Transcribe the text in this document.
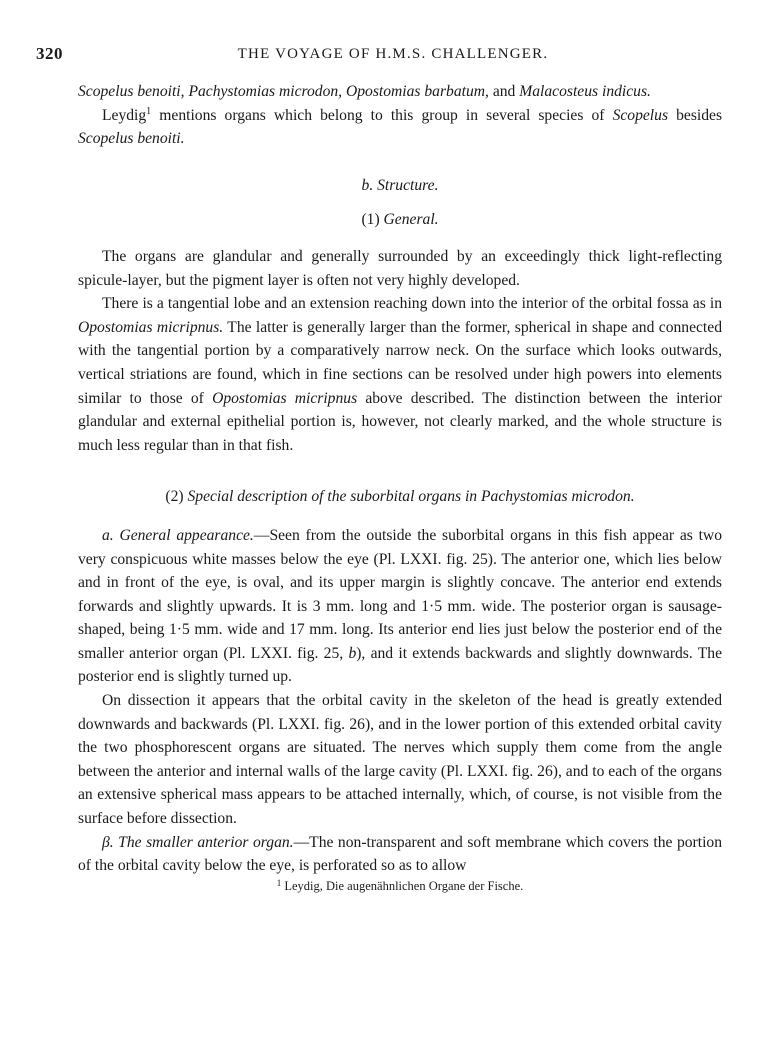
320	THE VOYAGE OF H.M.S. CHALLENGER.

Scopelus benoiti, Pachystomias microdon, Opostomias barbatum, and Malacosteus indicus.

Leydig$^1$ mentions organs which belong to this group in several species of Scopelus besides Scopelus benoiti.

b. Structure.

(1) General.

The organs are glandular and generally surrounded by an exceedingly thick light-reflecting spicule-layer, but the pigment layer is often not very highly developed.

There is a tangential lobe and an extension reaching down into the interior of the orbital fossa as in Opostomias micripnus. The latter is generally larger than the former, spherical in shape and connected with the tangential portion by a comparatively narrow neck. On the surface which looks outwards, vertical striations are found, which in fine sections can be resolved under high powers into elements similar to those of Opostomias micripnus above described. The distinction between the interior glandular and external epithelial portion is, however, not clearly marked, and the whole structure is much less regular than in that fish.

(2) Special description of the suborbital organs in Pachystomias microdon.

a. General appearance.—Seen from the outside the suborbital organs in this fish appear as two very conspicuous white masses below the eye (Pl. LXXI. fig. 25). The anterior one, which lies below and in front of the eye, is oval, and its upper margin is slightly concave. The anterior end extends forwards and slightly upwards. It is 3 mm. long and 1·5 mm. wide. The posterior organ is sausage-shaped, being 1·5 mm. wide and 17 mm. long. Its anterior end lies just below the posterior end of the smaller anterior organ (Pl. LXXI. fig. 25, b), and it extends backwards and slightly downwards. The posterior end is slightly turned up.

On dissection it appears that the orbital cavity in the skeleton of the head is greatly extended downwards and backwards (Pl. LXXI. fig. 26), and in the lower portion of this extended orbital cavity the two phosphorescent organs are situated. The nerves which supply them come from the angle between the anterior and internal walls of the large cavity (Pl. LXXI. fig. 26), and to each of the organs an extensive spherical mass appears to be attached internally, which, of course, is not visible from the surface before dissection.

β. The smaller anterior organ.—The non-transparent and soft membrane which covers the portion of the orbital cavity below the eye, is perforated so as to allow

$^1$ Leydig, Die augenähnlichen Organe der Fische.
